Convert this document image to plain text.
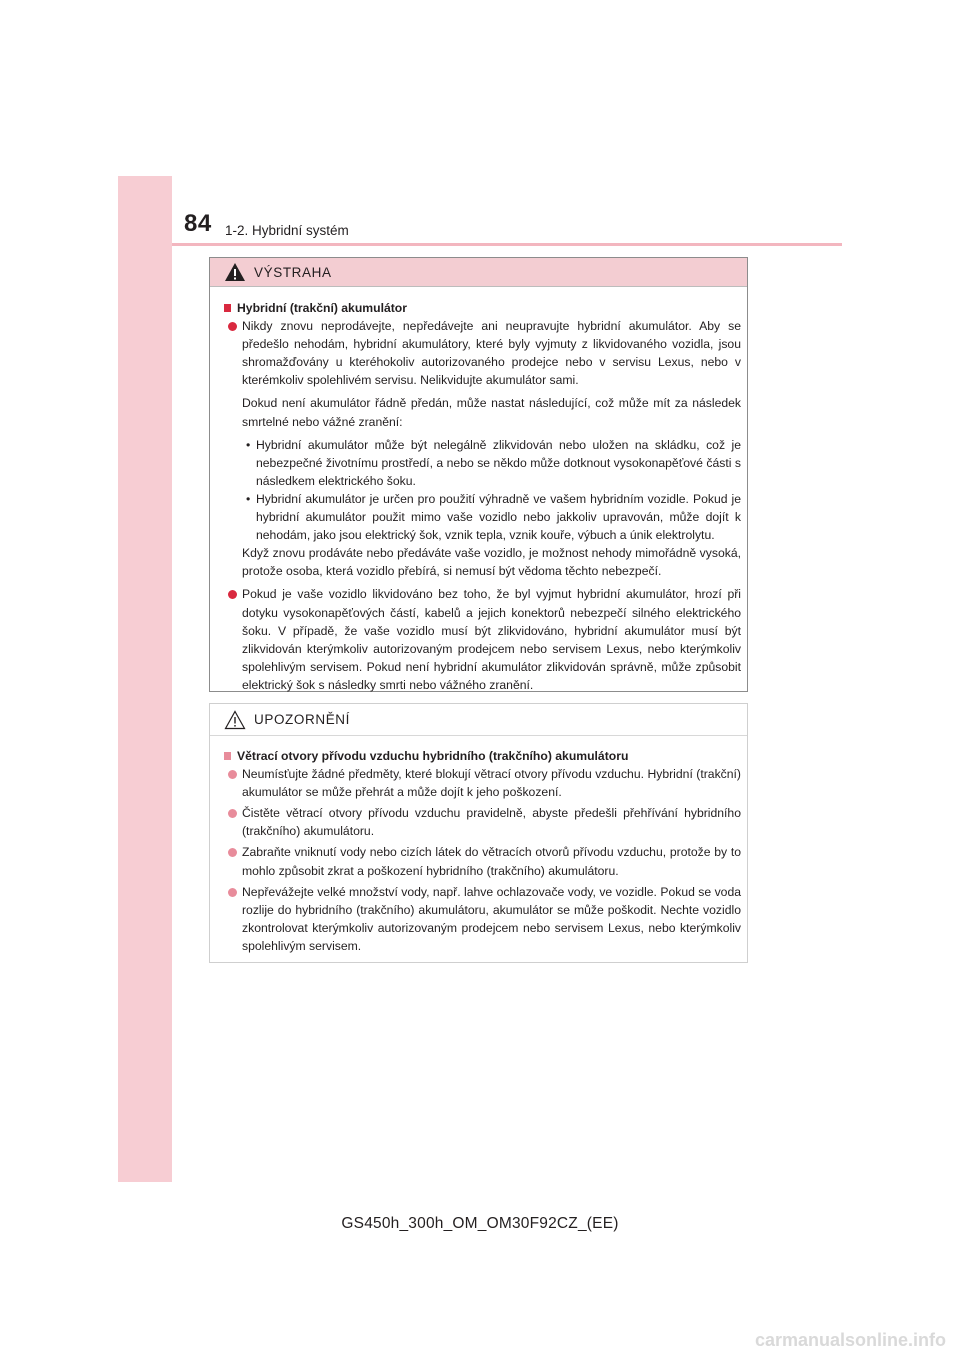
84 1-2. Hybridní systém
VÝSTRAHA

Hybridní (trakční) akumulátor

Nikdy znovu neprodávejte, nepředávejte ani neupravujte hybridní akumulátor. Aby se předešlo nehodám, hybridní akumulátory, které byly vyjmuty z likvidovaného vozidla, jsou shromažďovány u kteréhokoliv autorizovaného prodejce nebo v servisu Lexus, nebo v kterémkoliv spolehlivém servisu. Nelikvidujte akumulátor sami.

Dokud není akumulátor řádně předán, může nastat následující, což může mít za následek smrtelné nebo vážné zranění:

• Hybridní akumulátor může být nelegálně zlikvidován nebo uložen na skládku, což je nebezpečné životnímu prostředí, a nebo se někdo může dotknout vysokonapěťové části s následkem elektrického šoku.

• Hybridní akumulátor je určen pro použití výhradně ve vašem hybridním vozidle. Pokud je hybridní akumulátor použit mimo vaše vozidlo nebo jakkoliv upravován, může dojít k nehodám, jako jsou elektrický šok, vznik tepla, vznik kouře, výbuch a únik elektrolytu.

Když znovu prodáváte nebo předáváte vaše vozidlo, je možnost nehody mimořádně vysoká, protože osoba, která vozidlo přebírá, si nemusí být vědoma těchto nebezpečí.

Pokud je vaše vozidlo likvidováno bez toho, že byl vyjmut hybridní akumulátor, hrozí při dotyku vysokonapěťových částí, kabelů a jejich konektorů nebezpečí silného elektrického šoku. V případě, že vaše vozidlo musí být zlikvidováno, hybridní akumulátor musí být zlikvidován kterýmkoliv autorizovaným prodejcem nebo servisem Lexus, nebo kterýmkoliv spolehlivým servisem. Pokud není hybridní akumulátor zlikvidován správně, může způsobit elektrický šok s následky smrti nebo vážného zranění.

UPOZORNĚNÍ

Větrací otvory přívodu vzduchu hybridního (trakčního) akumulátoru

Neumísťujte žádné předměty, které blokují větrací otvory přívodu vzduchu. Hybridní (trakční) akumulátor se může přehrát a může dojít k jeho poškození.

Čistěte větrací otvory přívodu vzduchu pravidelně, abyste předešli přehřívání hybridního (trakčního) akumulátoru.

Zabraňte vniknutí vody nebo cizích látek do větracích otvorů přívodu vzduchu, protože by to mohlo způsobit zkrat a poškození hybridního (trakčního) akumulátoru.

Nepřevážejte velké množství vody, např. lahve ochlazovače vody, ve vozidle. Pokud se voda rozlije do hybridního (trakčního) akumulátoru, akumulátor se může poškodit. Nechte vozidlo zkontrolovat kterýmkoliv autorizovaným prodejcem nebo servisem Lexus, nebo kterýmkoliv spolehlivým servisem.

GS450h_300h_OM_OM30F92CZ_(EE)
carmanualsonline.info
